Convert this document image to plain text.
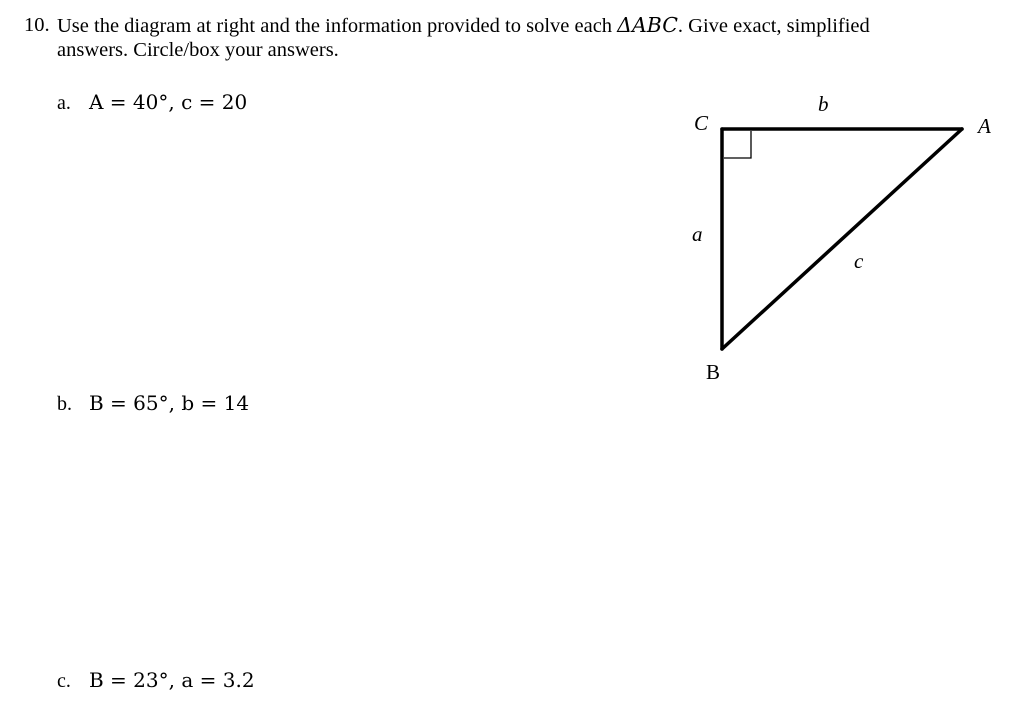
10. Use the diagram at right and the information provided to solve each ΔABC. Give exact, simplified
answers. Circle/box your answers.
a. A = 40°, c = 20
b. B = 65°, b = 14
c. B = 23°, a = 3.2
C	A
B
b
a
c
